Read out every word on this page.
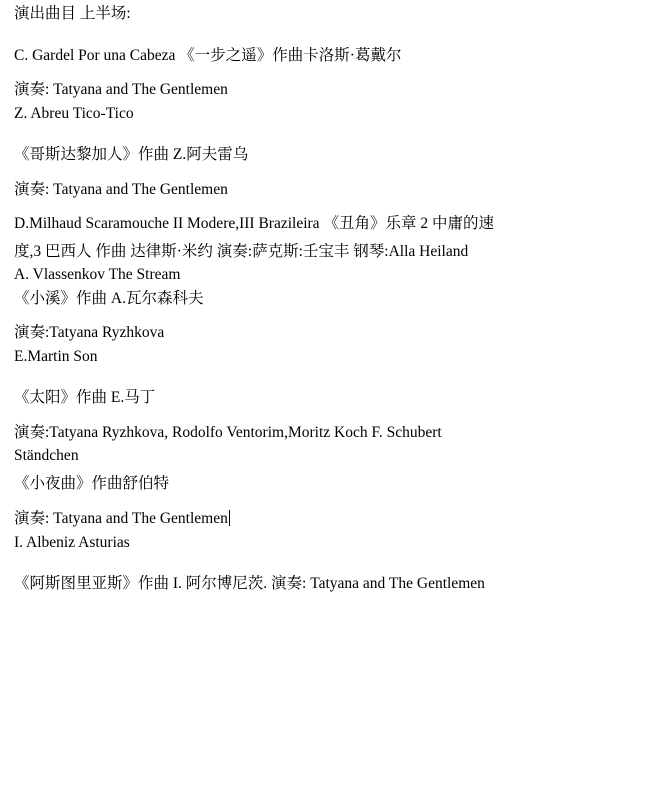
演出曲目 上半场:
C. Gardel Por una Cabeza 《一步之遥》作曲卡洛斯·葛戴尔
演奏: Tatyana and The Gentlemen
Z. Abreu Tico-Tico
《哥斯达黎加人》作曲 Z.阿夫雷乌
演奏: Tatyana and The Gentlemen
D.Milhaud Scaramouche II Modere,III Brazileira 《丑角》乐章 2 中庸的速
度,3 巴西人 作曲 达律斯·米约 演奏:萨克斯:壬宝丰 钢琴:Alla Heiland
A. Vlassenkov The Stream
《小溪》作曲 A.瓦尔森科夫
演奏:Tatyana Ryzhkova
E.Martin Son
《太阳》作曲 E.马丁
演奏:Tatyana Ryzhkova, Rodolfo Ventorim,Moritz Koch F. Schubert
Ständchen
《小夜曲》作曲舒伯特
演奏: Tatyana and The Gentlemen
I. Albeniz Asturias
《阿斯图里亚斯》作曲 I. 阿尔博尼茨. 演奏: Tatyana and The Gentlemen
